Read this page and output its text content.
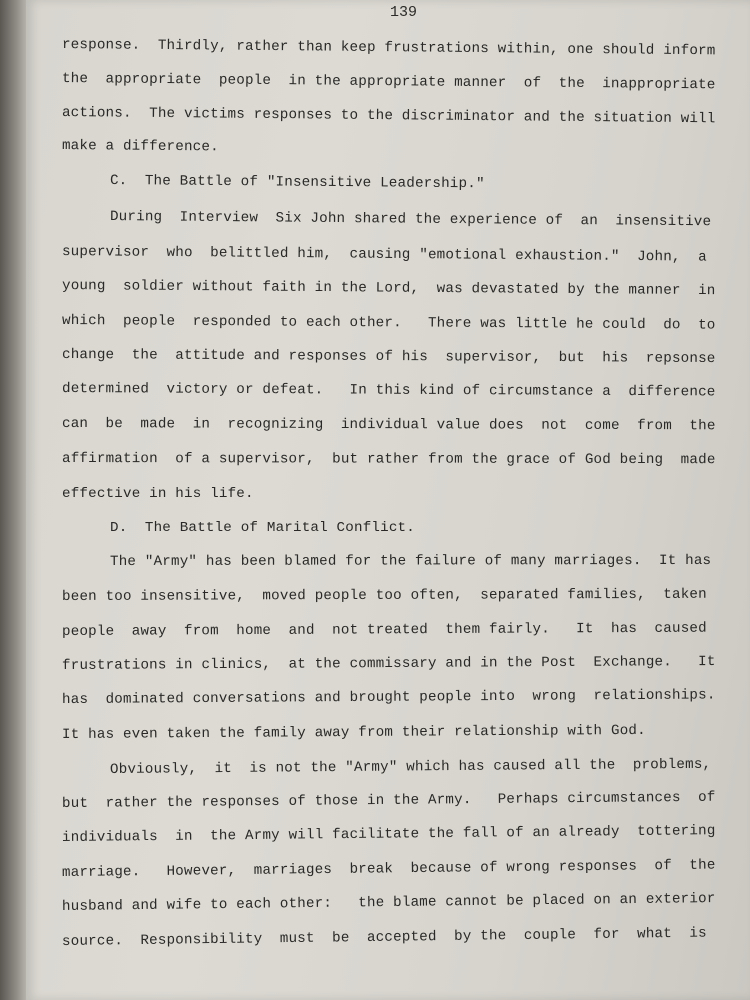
139
response.  Thirdly, rather than keep frustrations within, one should inform
the  appropriate  people  in the appropriate manner  of  the  inappropriate
actions.  The victims responses to the discriminator and the situation will
make a difference.
C.  The Battle of "Insensitive Leadership."
During  Interview  Six John shared the experience of  an  insensitive
supervisor  who  belittled him,  causing "emotional exhaustion."  John,  a
young  soldier without faith in the Lord,  was devastated by the manner  in
which  people  responded to each other.   There was little he could  do  to
change  the  attitude and responses of his  supervisor,  but  his  repsonse
determined  victory or defeat.   In this kind of circumstance a  difference
can  be  made  in  recognizing  individual value does  not  come  from  the
affirmation  of a supervisor,  but rather from the grace of God being  made
effective in his life.
D.  The Battle of Marital Conflict.
The "Army" has been blamed for the failure of many marriages.  It has
been too insensitive,  moved people too often,  separated families,  taken
people  away  from  home  and  not treated  them fairly.   It  has  caused
frustrations in clinics,  at the commissary and in the Post  Exchange.   It
has  dominated conversations and brought people into  wrong  relationships.
It has even taken the family away from their relationship with God.
Obviously,  it  is not the "Army" which has caused all the  problems,
but  rather the responses of those in the Army.   Perhaps circumstances  of
individuals  in  the Army will facilitate the fall of an already  tottering
marriage.   However,  marriages  break  because of wrong responses  of  the
husband and wife to each other:   the blame cannot be placed on an exterior
source.  Responsibility  must  be  accepted  by the  couple  for  what  is
